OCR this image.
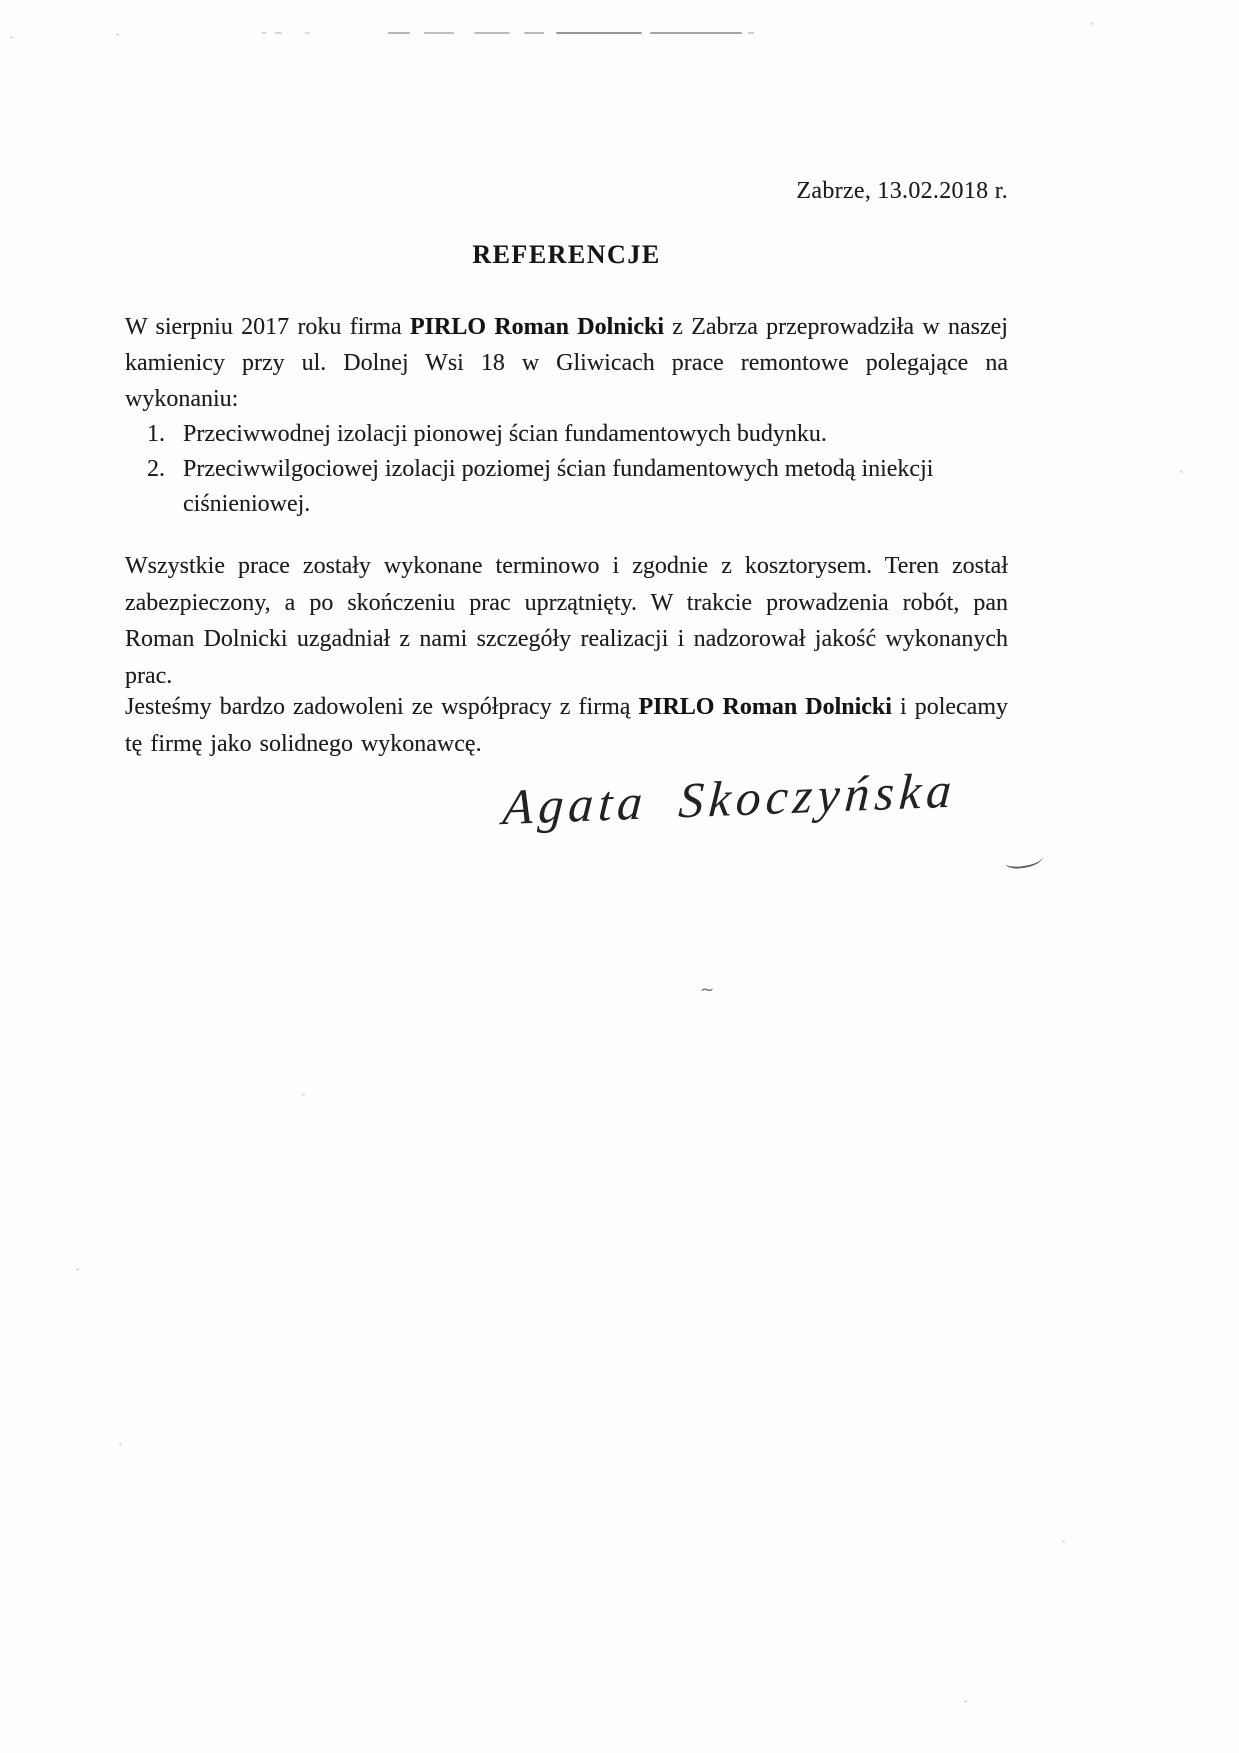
Zabrze, 13.02.2018 r.
REFERENCJE
W sierpniu 2017 roku firma PIRLO Roman Dolnicki z Zabrza przeprowadziła w naszej kamienicy przy ul. Dolnej Wsi 18 w Gliwicach prace remontowe polegające na wykonaniu:
1. Przeciwwodnej izolacji pionowej ścian fundamentowych budynku.
2. Przeciwwilgociowej izolacji poziomej ścian fundamentowych metodą iniekcji ciśnieniowej.
Wszystkie prace zostały wykonane terminowo i zgodnie z kosztorysem. Teren został zabezpieczony, a po skończeniu prac uprzątnięty. W trakcie prowadzenia robót, pan Roman Dolnicki uzgadniał z nami szczegóły realizacji i nadzorował jakość wykonanych prac.
Jesteśmy bardzo zadowoleni ze współpracy z firmą PIRLO Roman Dolnicki i polecamy tę firmę jako solidnego wykonawcę.
Agata Skoczyńska
~
